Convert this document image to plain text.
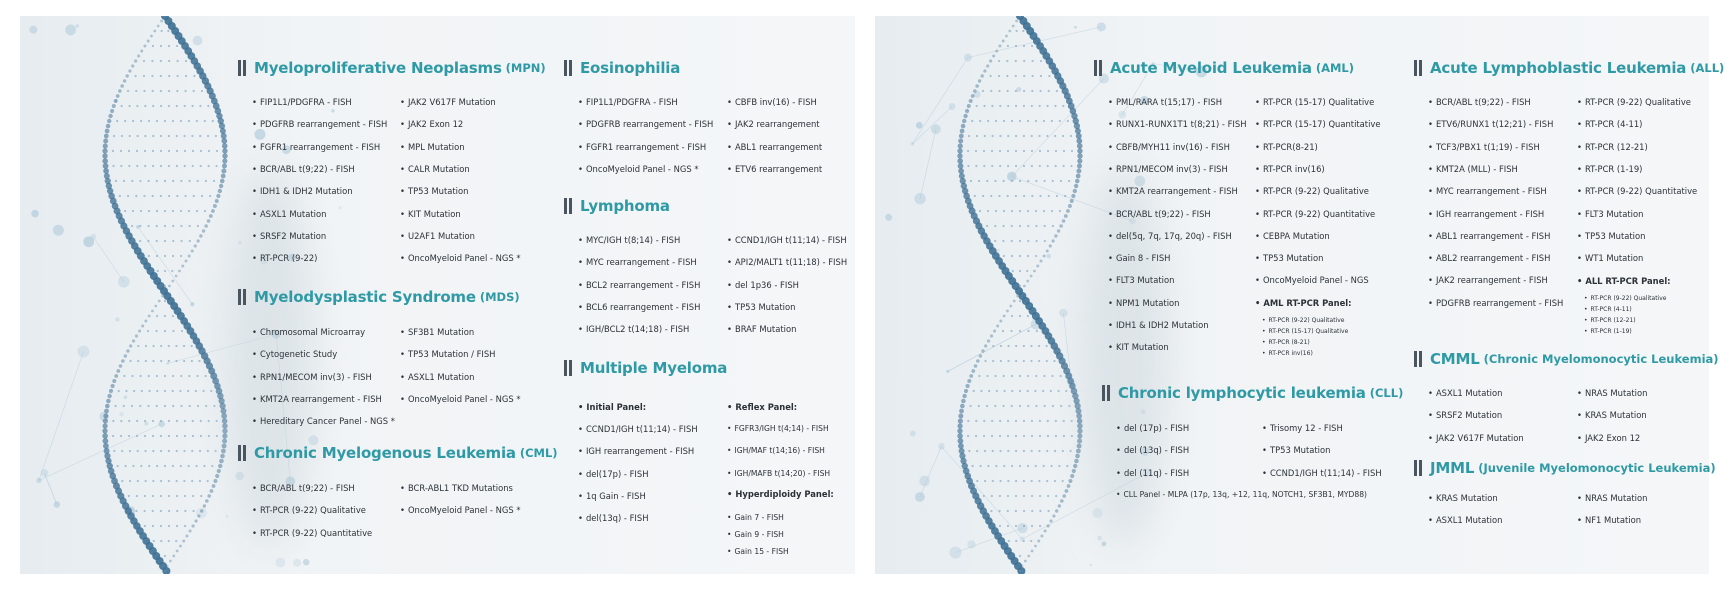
Myeloproliferative Neoplasms (MPN)
• FIP1L1/PDGFRA - FISH
• PDGFRB rearrangement - FISH
• FGFR1 rearrangement - FISH
• BCR/ABL t(9;22) - FISH
• IDH1 & IDH2 Mutation
• ASXL1 Mutation
• SRSF2 Mutation
• RT-PCR (9-22)
• JAK2 V617F Mutation
• JAK2 Exon 12
• MPL Mutation
• CALR Mutation
• TP53 Mutation
• KIT Mutation
• U2AF1 Mutation
• OncoMyeloid Panel - NGS *
Myelodysplastic Syndrome (MDS)
• Chromosomal Microarray
• Cytogenetic Study
• RPN1/MECOM inv(3) - FISH
• KMT2A rearrangement - FISH
• Hereditary Cancer Panel - NGS *
• SF3B1 Mutation
• TP53 Mutation / FISH
• ASXL1 Mutation
• OncoMyeloid Panel - NGS *
Chronic Myelogenous Leukemia (CML)
• BCR/ABL t(9;22) - FISH
• RT-PCR (9-22) Qualitative
• RT-PCR (9-22) Quantitative
• BCR-ABL1 TKD Mutations
• OncoMyeloid Panel - NGS *
Eosinophilia
• FIP1L1/PDGFRA - FISH
• PDGFRB rearrangement - FISH
• FGFR1 rearrangement - FISH
• OncoMyeloid Panel - NGS *
• CBFB inv(16) - FISH
• JAK2 rearrangement
• ABL1 rearrangement
• ETV6 rearrangement
Lymphoma
• MYC/IGH t(8;14) - FISH
• MYC rearrangement - FISH
• BCL2 rearrangement - FISH
• BCL6 rearrangement - FISH
• IGH/BCL2 t(14;18) - FISH
• CCND1/IGH t(11;14) - FISH
• API2/MALT1 t(11;18) - FISH
• del 1p36 - FISH
• TP53 Mutation
• BRAF Mutation
Multiple Myeloma
• Initial Panel:
• CCND1/IGH t(11;14) - FISH
• IGH rearrangement - FISH
• del(17p) - FISH
• 1q Gain - FISH
• del(13q) - FISH
• Reflex Panel:
• FGFR3/IGH t(4;14) - FISH
• IGH/MAF t(14;16) - FISH
• IGH/MAFB t(14;20) - FISH
• Hyperdiploidy Panel:
• Gain 7 - FISH
• Gain 9 - FISH
• Gain 15 - FISH
Acute Myeloid Leukemia (AML)
• PML/RARA t(15;17) - FISH
• RUNX1-RUNX1T1 t(8;21) - FISH
• CBFB/MYH11 inv(16) - FISH
• RPN1/MECOM inv(3) - FISH
• KMT2A rearrangement - FISH
• BCR/ABL t(9;22) - FISH
• del(5q, 7q, 17q, 20q) - FISH
• Gain 8 - FISH
• FLT3 Mutation
• NPM1 Mutation
• IDH1 & IDH2 Mutation
• KIT Mutation
• RT-PCR (15-17) Qualitative
• RT-PCR (15-17) Quantitative
• RT-PCR(8-21)
• RT-PCR inv(16)
• RT-PCR (9-22) Qualitative
• RT-PCR (9-22) Quantitative
• CEBPA Mutation
• TP53 Mutation
• OncoMyeloid Panel - NGS
• AML RT-PCR Panel:
• RT-PCR (9-22) Qualitative
• RT-PCR (15-17) Qualitative
• RT-PCR (8-21)
• RT-PCR inv(16)
Acute Lymphoblastic Leukemia (ALL)
• BCR/ABL t(9;22) - FISH
• ETV6/RUNX1 t(12;21) - FISH
• TCF3/PBX1 t(1;19) - FISH
• KMT2A (MLL) - FISH
• MYC rearrangement - FISH
• IGH rearrangement - FISH
• ABL1 rearrangement - FISH
• ABL2 rearrangement - FISH
• JAK2 rearrangement - FISH
• PDGFRB rearrangement - FISH
• RT-PCR (9-22) Qualitative
• RT-PCR (4-11)
• RT-PCR (12-21)
• RT-PCR (1-19)
• RT-PCR (9-22) Quantitative
• FLT3 Mutation
• TP53 Mutation
• WT1 Mutation
• ALL RT-PCR Panel:
• RT-PCR (9-22) Qualitative
• RT-PCR (4-11)
• RT-PCR (12-21)
• RT-PCR (1-19)
Chronic lymphocytic leukemia (CLL)
• del (17p) - FISH
• del (13q) - FISH
• del (11q) - FISH
• Trisomy 12 - FISH
• TP53 Mutation
• CCND1/IGH t(11;14) - FISH
• CLL Panel - MLPA (17p, 13q, +12, 11q, NOTCH1, SF3B1, MYD88)
CMML (Chronic Myelomonocytic Leukemia)
• ASXL1 Mutation
• SRSF2 Mutation
• JAK2 V617F Mutation
• NRAS Mutation
• KRAS Mutation
• JAK2 Exon 12
JMML (Juvenile Myelomonocytic Leukemia)
• KRAS Mutation
• ASXL1 Mutation
• NRAS Mutation
• NF1 Mutation
